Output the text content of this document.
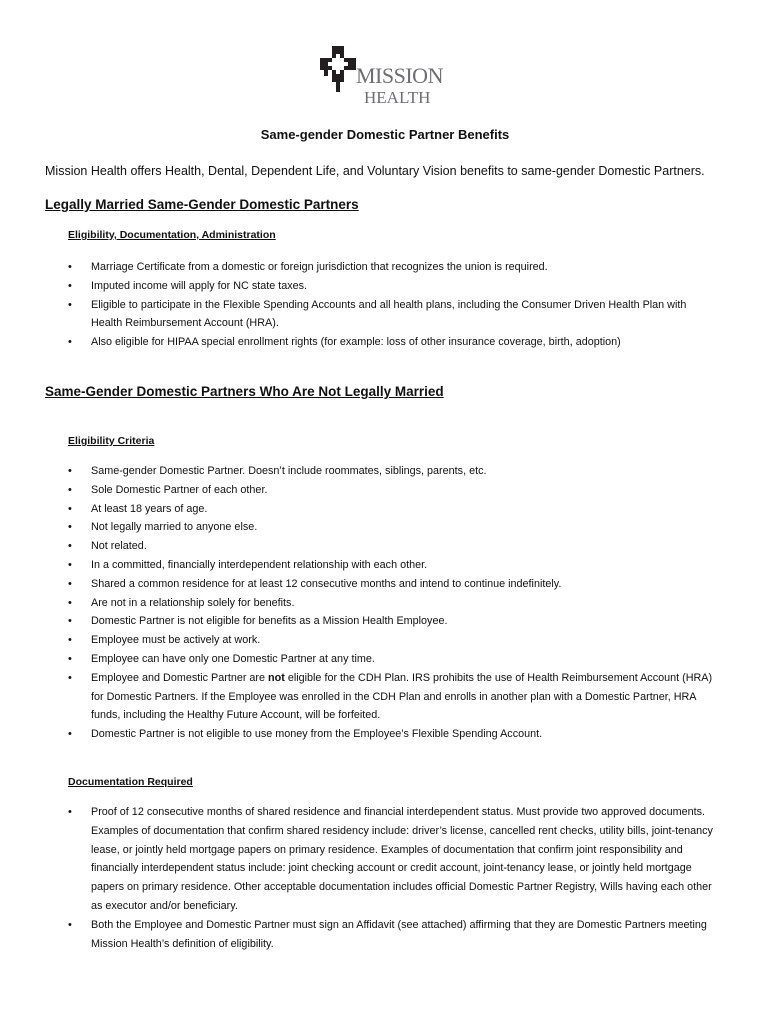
MISSION
HEALTH
Same-gender Domestic Partner Benefits
Mission Health offers Health, Dental, Dependent Life, and Voluntary Vision benefits to same-gender Domestic Partners.
Legally Married Same-Gender Domestic Partners
Eligibility, Documentation, Administration
• Marriage Certificate from a domestic or foreign jurisdiction that recognizes the union is required.
• Imputed income will apply for NC state taxes.
• Eligible to participate in the Flexible Spending Accounts and all health plans, including the Consumer Driven Health Plan with Health Reimbursement Account (HRA).
• Also eligible for HIPAA special enrollment rights (for example: loss of other insurance coverage, birth, adoption)
Same-Gender Domestic Partners Who Are Not Legally Married
Eligibility Criteria
• Same-gender Domestic Partner. Doesn’t include roommates, siblings, parents, etc.
• Sole Domestic Partner of each other.
• At least 18 years of age.
• Not legally married to anyone else.
• Not related.
• In a committed, financially interdependent relationship with each other.
• Shared a common residence for at least 12 consecutive months and intend to continue indefinitely.
• Are not in a relationship solely for benefits.
• Domestic Partner is not eligible for benefits as a Mission Health Employee.
• Employee must be actively at work.
• Employee can have only one Domestic Partner at any time.
• Employee and Domestic Partner are not eligible for the CDH Plan. IRS prohibits the use of Health Reimbursement Account (HRA) for Domestic Partners. If the Employee was enrolled in the CDH Plan and enrolls in another plan with a Domestic Partner, HRA funds, including the Healthy Future Account, will be forfeited.
• Domestic Partner is not eligible to use money from the Employee’s Flexible Spending Account.
Documentation Required
• Proof of 12 consecutive months of shared residence and financial interdependent status. Must provide two approved documents. Examples of documentation that confirm shared residency include: driver’s license, cancelled rent checks, utility bills, joint-tenancy lease, or jointly held mortgage papers on primary residence. Examples of documentation that confirm joint responsibility and financially interdependent status include: joint checking account or credit account, joint-tenancy lease, or jointly held mortgage papers on primary residence. Other acceptable documentation includes official Domestic Partner Registry, Wills having each other as executor and/or beneficiary.
• Both the Employee and Domestic Partner must sign an Affidavit (see attached) affirming that they are Domestic Partners meeting Mission Health’s definition of eligibility.
